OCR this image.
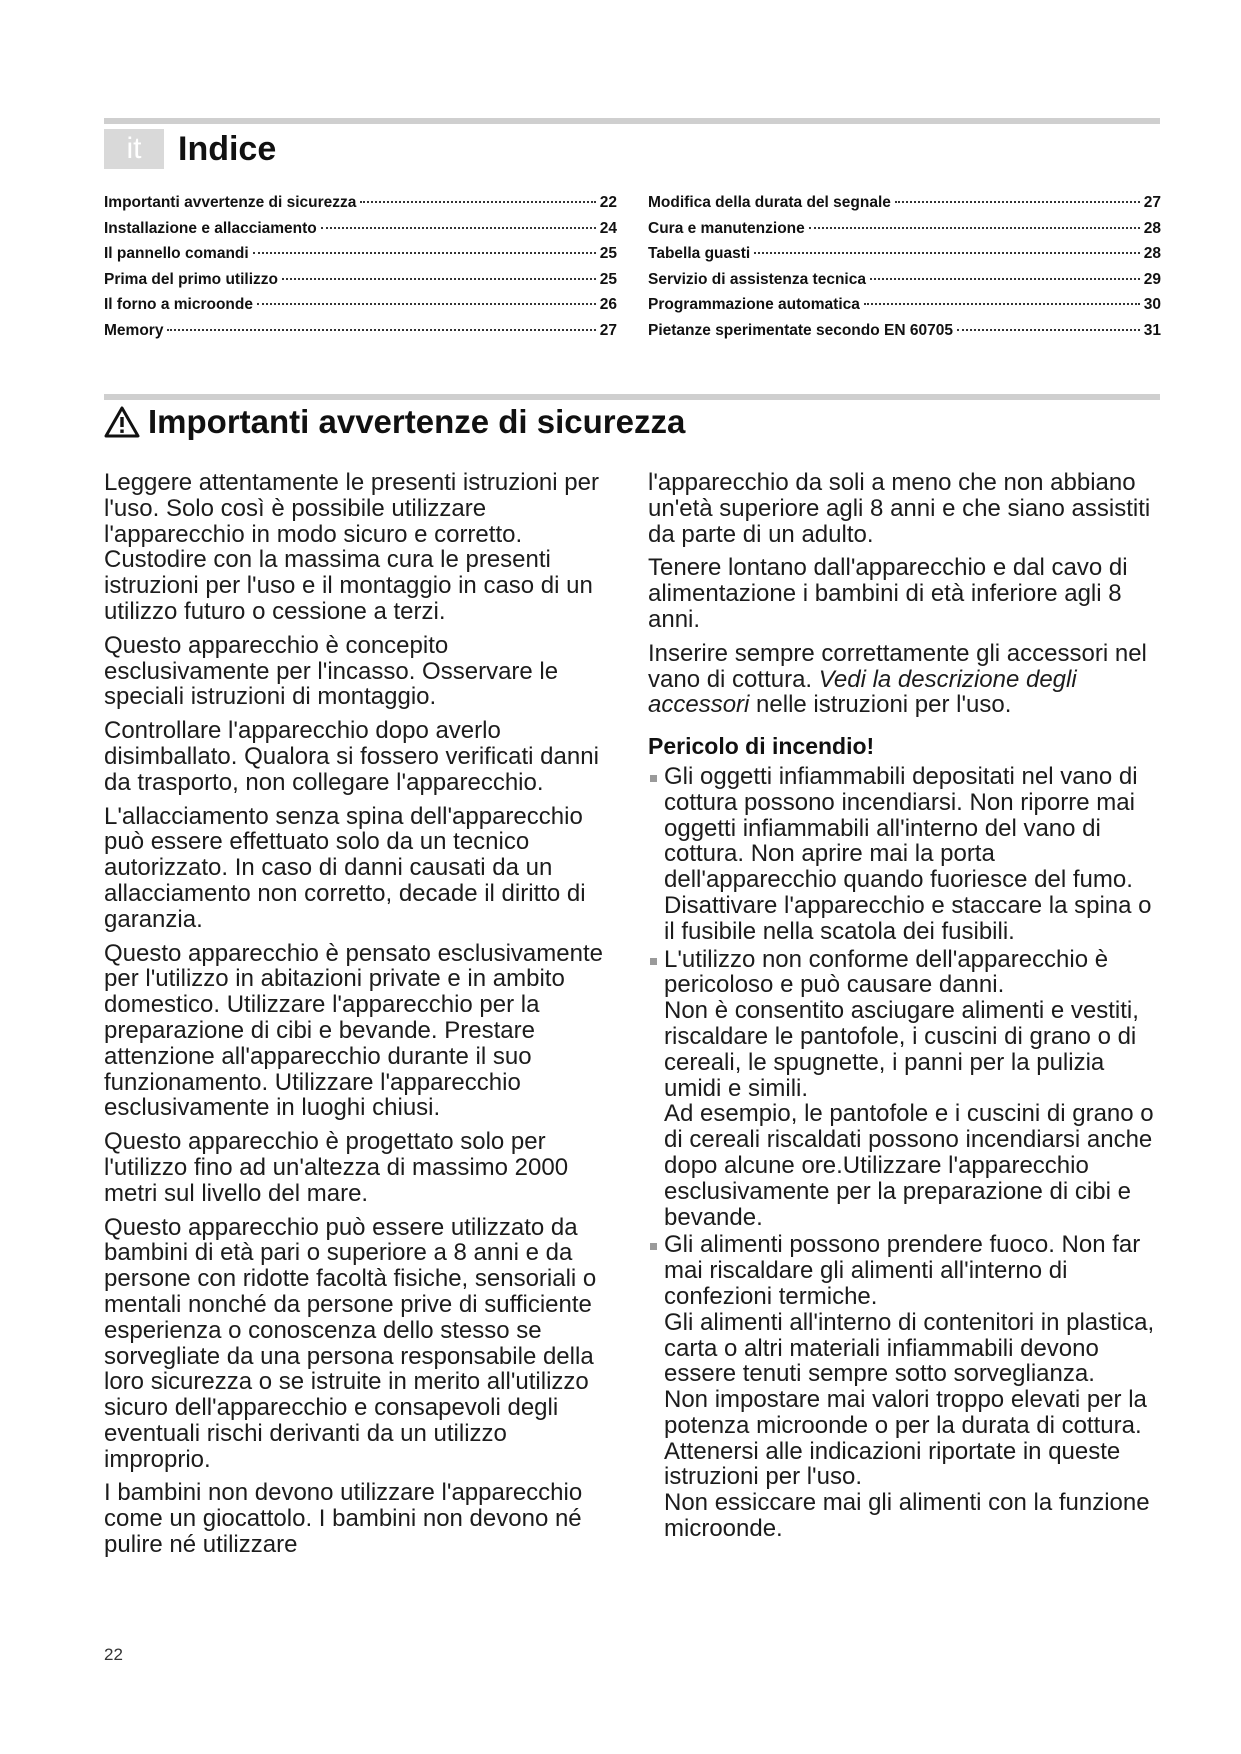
it	Indice
Importanti avvertenze di sicurezza	22
Installazione e allacciamento	24
Il pannello comandi	25
Prima del primo utilizzo	25
Il forno a microonde	26
Memory	27
Modifica della durata del segnale	27
Cura e manutenzione	28
Tabella guasti	28
Servizio di assistenza tecnica	29
Programmazione automatica	30
Pietanze sperimentate secondo EN 60705	31
Importanti avvertenze di sicurezza

Leggere attentamente le presenti istruzioni per l'uso. Solo così è possibile utilizzare l'apparecchio in modo sicuro e corretto. Custodire con la massima cura le presenti istruzioni per l'uso e il montaggio in caso di un utilizzo futuro o cessione a terzi.

Questo apparecchio è concepito esclusivamente per l'incasso. Osservare le speciali istruzioni di montaggio.

Controllare l'apparecchio dopo averlo disimballato. Qualora si fossero verificati danni da trasporto, non collegare l'apparecchio.

L'allacciamento senza spina dell'apparecchio può essere effettuato solo da un tecnico autorizzato. In caso di danni causati da un allacciamento non corretto, decade il diritto di garanzia.

Questo apparecchio è pensato esclusivamente per l'utilizzo in abitazioni private e in ambito domestico. Utilizzare l'apparecchio per la preparazione di cibi e bevande. Prestare attenzione all'apparecchio durante il suo funzionamento. Utilizzare l'apparecchio esclusivamente in luoghi chiusi.

Questo apparecchio è progettato solo per l'utilizzo fino ad un'altezza di massimo 2000 metri sul livello del mare.

Questo apparecchio può essere utilizzato da bambini di età pari o superiore a 8 anni e da persone con ridotte facoltà fisiche, sensoriali o mentali nonché da persone prive di sufficiente esperienza o conoscenza dello stesso se sorvegliate da una persona responsabile della loro sicurezza o se istruite in merito all'utilizzo sicuro dell'apparecchio e consapevoli degli eventuali rischi derivanti da un utilizzo improprio.

I bambini non devono utilizzare l'apparecchio come un giocattolo. I bambini non devono né pulire né utilizzare

l'apparecchio da soli a meno che non abbiano un'età superiore agli 8 anni e che siano assistiti da parte di un adulto.

Tenere lontano dall'apparecchio e dal cavo di alimentazione i bambini di età inferiore agli 8 anni.

Inserire sempre correttamente gli accessori nel vano di cottura. Vedi la descrizione degli accessori nelle istruzioni per l'uso.

Pericolo di incendio!
Gli oggetti infiammabili depositati nel vano di cottura possono incendiarsi. Non riporre mai oggetti infiammabili all'interno del vano di cottura. Non aprire mai la porta dell'apparecchio quando fuoriesce del fumo. Disattivare l'apparecchio e staccare la spina o il fusibile nella scatola dei fusibili.
L'utilizzo non conforme dell'apparecchio è pericoloso e può causare danni.
Non è consentito asciugare alimenti e vestiti, riscaldare le pantofole, i cuscini di grano o di cereali, le spugnette, i panni per la pulizia umidi e simili.
Ad esempio, le pantofole e i cuscini di grano o di cereali riscaldati possono incendiarsi anche dopo alcune ore.Utilizzare l'apparecchio esclusivamente per la preparazione di cibi e bevande.
Gli alimenti possono prendere fuoco. Non far mai riscaldare gli alimenti all'interno di confezioni termiche.
Gli alimenti all'interno di contenitori in plastica, carta o altri materiali infiammabili devono essere tenuti sempre sotto sorveglianza.
Non impostare mai valori troppo elevati per la potenza microonde o per la durata di cottura. Attenersi alle indicazioni riportate in queste istruzioni per l'uso.
Non essiccare mai gli alimenti con la funzione microonde.
22
